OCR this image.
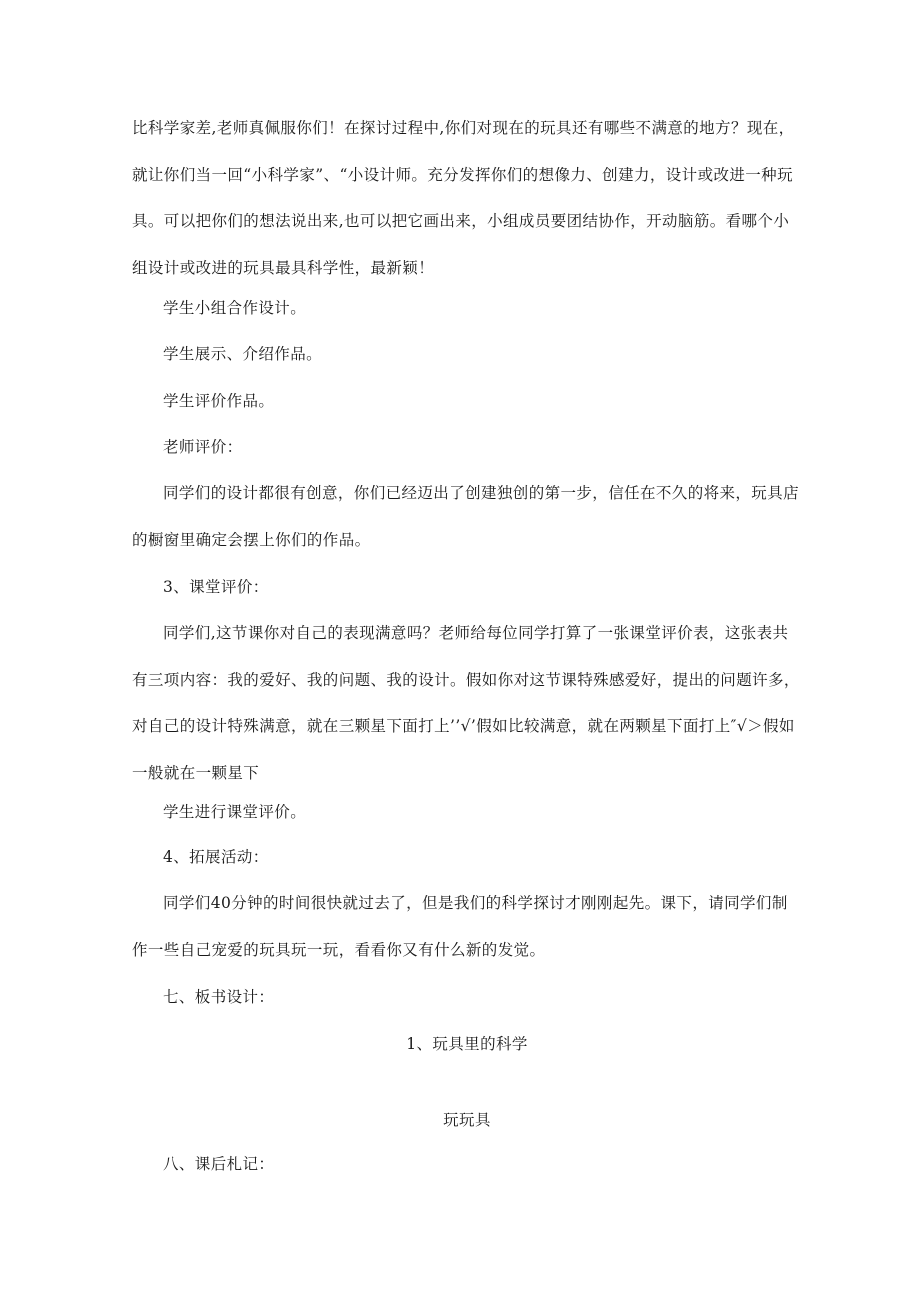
比科学家差,老师真佩服你们！在探讨过程中,你们对现在的玩具还有哪些不满意的地方？现在，就让你们当一回“小科学家”、“小设计师。充分发挥你们的想像力、创建力，设计或改进一种玩具。可以把你们的想法说出来,也可以把它画出来，小组成员要团结协作，开动脑筋。看哪个小组设计或改进的玩具最具科学性，最新颖！

学生小组合作设计。

学生展示、介绍作品。

学生评价作品。

老师评价：

同学们的设计都很有创意，你们已经迈出了创建独创的第一步，信任在不久的将来，玩具店的橱窗里确定会摆上你们的作品。

3、课堂评价：

同学们,这节课你对自己的表现满意吗？老师给每位同学打算了一张课堂评价表，这张表共有三项内容：我的爱好、我的问题、我的设计。假如你对这节课特殊感爱好，提出的问题许多，对自己的设计特殊满意，就在三颗星下面打上’’√’假如比较满意，就在两颗星下面打上″√＞假如一般就在一颗星下

学生进行课堂评价。

4、拓展活动：

同学们40分钟的时间很快就过去了，但是我们的科学探讨才刚刚起先。课下，请同学们制作一些自己宠爱的玩具玩一玩，看看你又有什么新的发觉。

七、板书设计：

1、玩具里的科学

玩玩具

八、课后札记：
